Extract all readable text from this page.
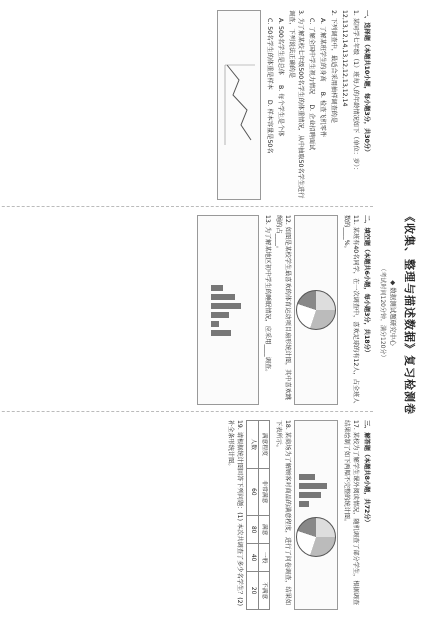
《收集、整理与描述数据》复习检测卷
◆ 数据测试题研究中心
（考试时间120分钟，满分120分）
一、选择题（本题共10小题，每小题3分，共30分）
1. 某同学七年级（1）班每人的年龄情况如下（单位：岁）：
12,13,12,14,13,12,12,13,12,14
2. 下列调查中，最适合采用抽样调查的是
A. 了解某班学生的身高
B. 检查飞机零件
C. 了解全国中学生视力情况
D. 企业招聘面试
3. 为了解某校七年级500名学生的体重情况，从中抽取50名学生进行调查，下列说法正确的是
A. 500名学生是总体
B. 每个学生是个体
C. 50名学生的体重是样本
D. 样本容量是50名
二、填空题（本题共6小题，每小题3分，共18分）
11. 某班有40名同学，在一次调查中，喜欢足球的有12人，占全班人数的____%。
12. 如图是某校学生最喜欢的体育运动项目扇形统计图，其中喜欢跳绳的占____。
13. 为了解某地区初中学生的睡眠情况，应采用____调查。
三、解答题（本题共8小题，共72分）
17. 某校为了解学生课外阅读情况，随机调查了部分学生，根据调查结果绘制了如下两幅不完整的统计图。
18. 某商场为了解顾客对商品的满意程度，进行了问卷调查，结果如下表所示。
满意程度	非常满意	满意	一般	不满意
人数	60	80	40	20
19. 请根据统计图回答下列问题：(1) 本次共调查了多少名学生？(2) 补全条形统计图。
